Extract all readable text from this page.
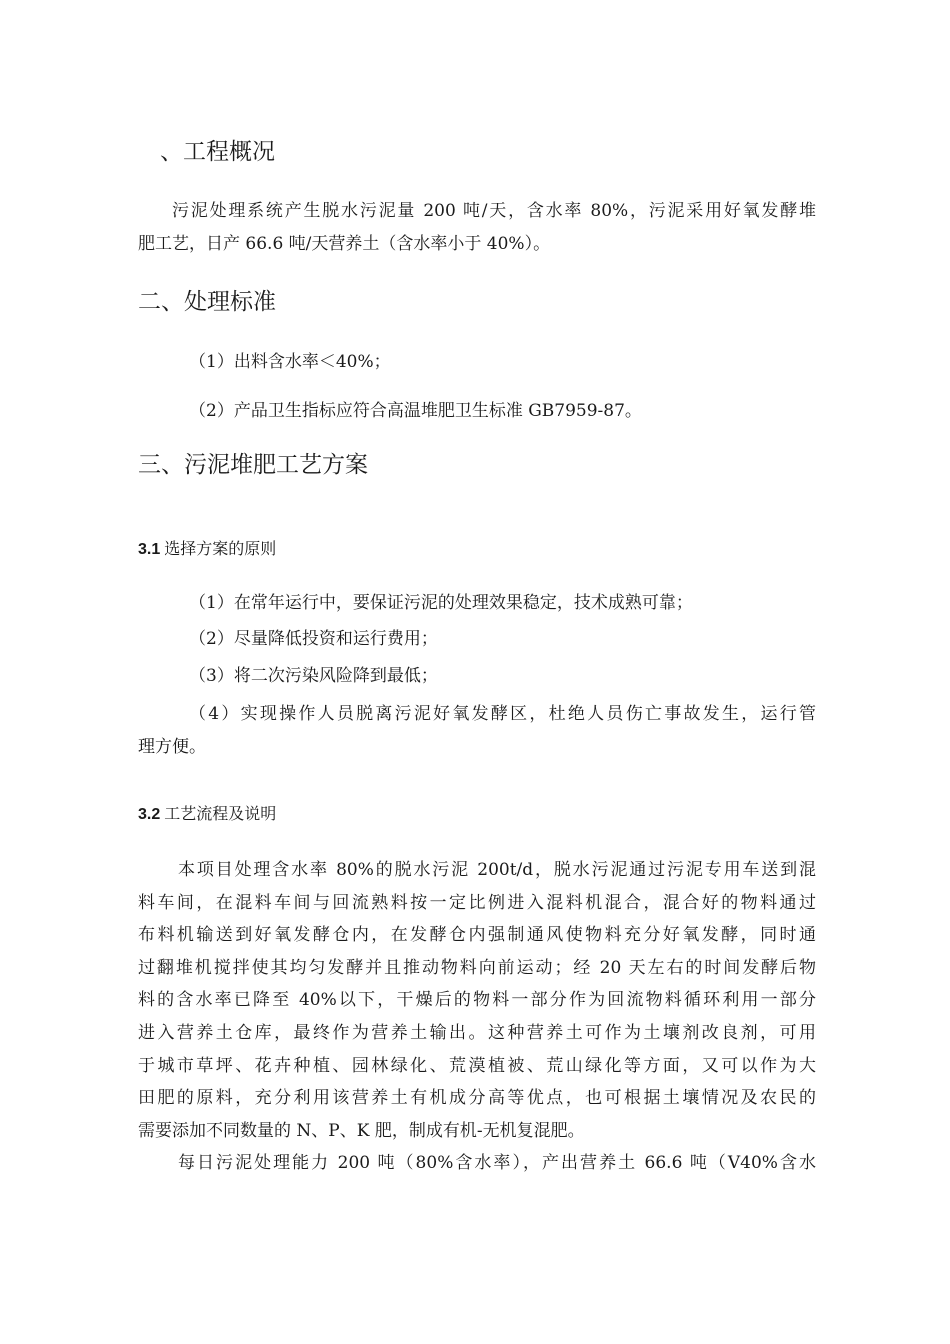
、工程概况
污泥处理系统产生脱水污泥量 200 吨/天，含水率 80%，污泥采用好氧发酵堆
肥工艺，日产 66.6 吨/天营养土（含水率小于 40%）。
二、处理标准
（1）出料含水率＜40%；
（2）产品卫生指标应符合高温堆肥卫生标准 GB7959-87。
三、污泥堆肥工艺方案
3.1 选择方案的原则
（1）在常年运行中，要保证污泥的处理效果稳定，技术成熟可靠；
（2）尽量降低投资和运行费用；
（3）将二次污染风险降到最低；
（4）实现操作人员脱离污泥好氧发酵区，杜绝人员伤亡事故发生，运行管
理方便。
3.2 工艺流程及说明
本项目处理含水率 80%的脱水污泥 200t/d，脱水污泥通过污泥专用车送到混
料车间，在混料车间与回流熟料按一定比例进入混料机混合，混合好的物料通过
布料机输送到好氧发酵仓内，在发酵仓内强制通风使物料充分好氧发酵，同时通
过翻堆机搅拌使其均匀发酵并且推动物料向前运动；经 20 天左右的时间发酵后物
料的含水率已降至 40%以下，干燥后的物料一部分作为回流物料循环利用一部分
进入营养土仓库，最终作为营养土输出。这种营养土可作为土壤剂改良剂，可用
于城市草坪、花卉种植、园林绿化、荒漠植被、荒山绿化等方面，又可以作为大
田肥的原料，充分利用该营养土有机成分高等优点，也可根据土壤情况及农民的
需要添加不同数量的 N、P、K 肥，制成有机-无机复混肥。
每日污泥处理能力 200 吨（80%含水率），产出营养土 66.6 吨（V40%含水
